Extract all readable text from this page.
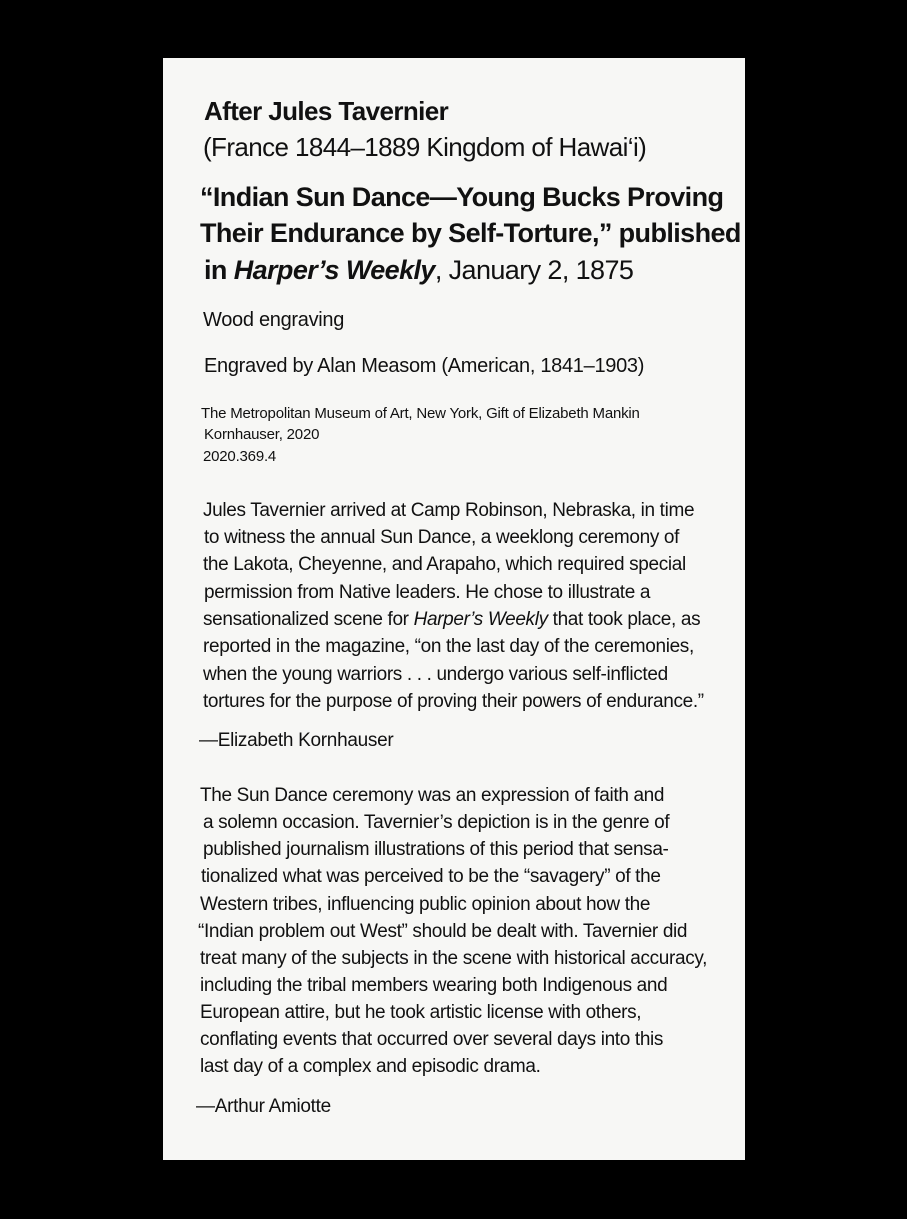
After Jules Tavernier
(France 1844–1889 Kingdom of Hawai‘i)
“Indian Sun Dance—Young Bucks Proving
Their Endurance by Self-Torture,” published
in Harper’s Weekly, January 2, 1875
Wood engraving
Engraved by Alan Measom (American, 1841–1903)
The Metropolitan Museum of Art, New York, Gift of Elizabeth Mankin
Kornhauser, 2020
2020.369.4
Jules Tavernier arrived at Camp Robinson, Nebraska, in time
to witness the annual Sun Dance, a weeklong ceremony of
the Lakota, Cheyenne, and Arapaho, which required special
permission from Native leaders. He chose to illustrate a
sensationalized scene for Harper’s Weekly that took place, as
reported in the magazine, “on the last day of the ceremonies,
when the young warriors . . . undergo various self-inflicted
tortures for the purpose of proving their powers of endurance.”
—Elizabeth Kornhauser
The Sun Dance ceremony was an expression of faith and
a solemn occasion. Tavernier’s depiction is in the genre of
published journalism illustrations of this period that sensa-
tionalized what was perceived to be the “savagery” of the
Western tribes, influencing public opinion about how the
“Indian problem out West” should be dealt with. Tavernier did
treat many of the subjects in the scene with historical accuracy,
including the tribal members wearing both Indigenous and
European attire, but he took artistic license with others,
conflating events that occurred over several days into this
last day of a complex and episodic drama.
—Arthur Amiotte
